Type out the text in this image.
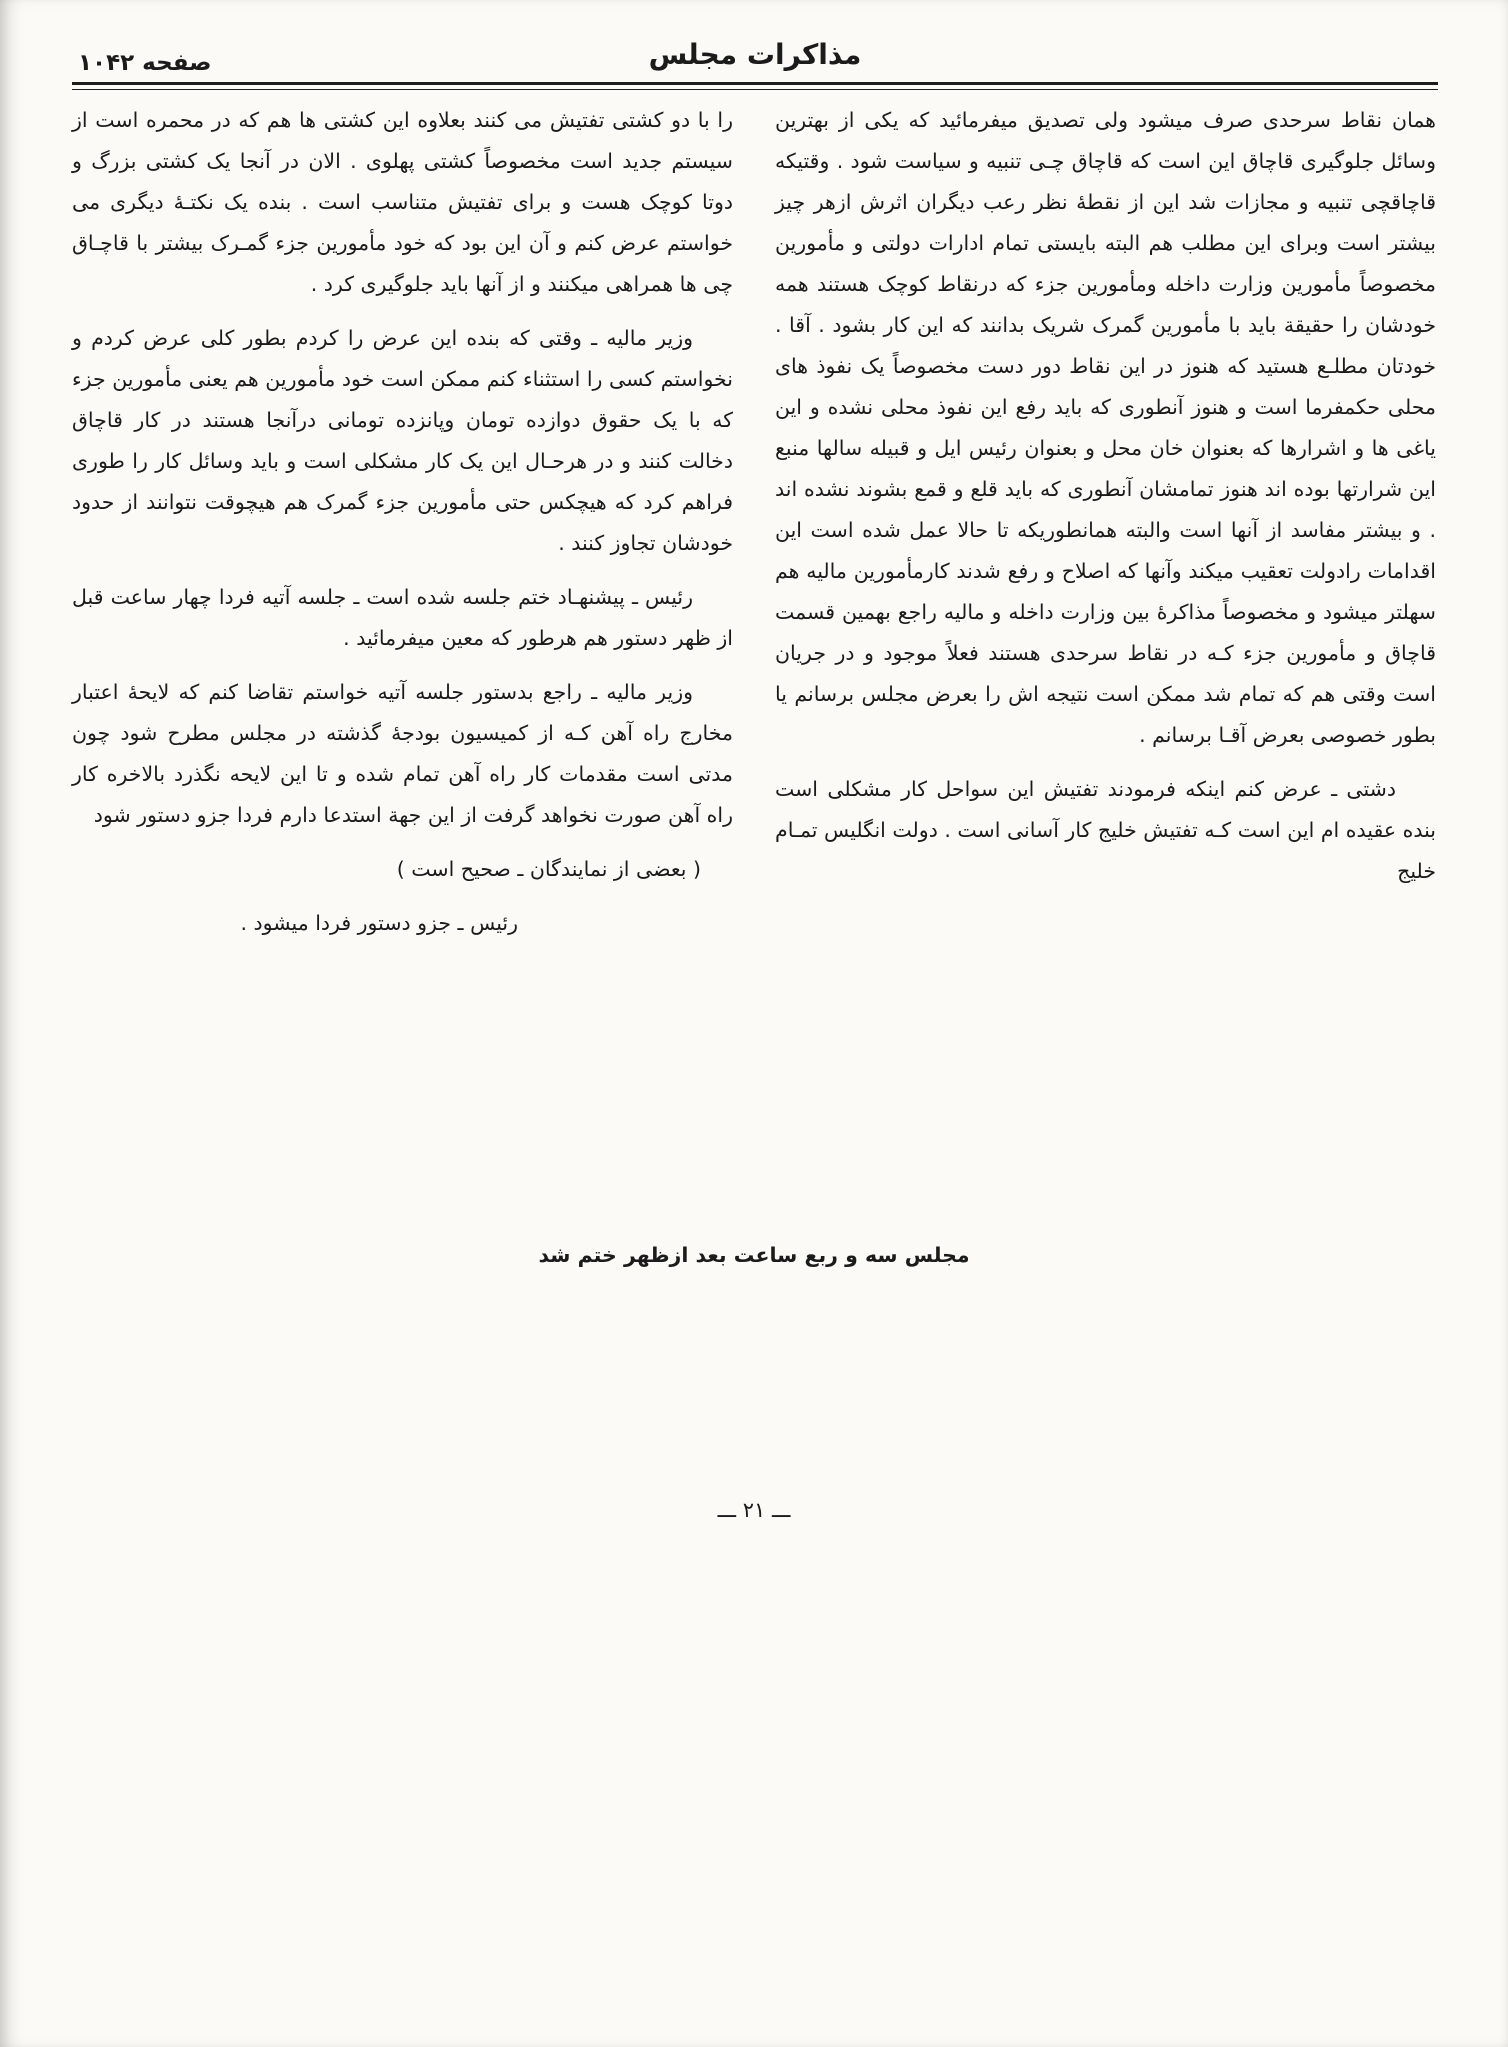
صفحه ۱۰۴۲	مذاکرات مجلس

همان نقاط سرحدی صرف میشود ولی تصدیق میفرمائید که یکی از بهترین وسائل جلوگیری قاچاق این است که قاچاق چـی تنبیه و سیاست شود . وقتیکه قاچاقچی تنبیه و مجازات شد این از نقطهٔ نظر رعب دیگران اثرش ازهر چیز بیشتر است وبرای این مطلب هم البته بایستی تمام ادارات دولتی و مأمورین مخصوصاً مأمورین وزارت داخله ومأمورین جزء که درنقاط کوچک هستند همه خودشان را حقیقة باید با مأمورین گمرک شریک بدانند که این کار بشود . آقا . خودتان مطلـع هستید که هنوز در این نقاط دور دست مخصوصاً یک نفوذ های محلی حکمفرما است و هنوز آنطوری که باید رفع این نفوذ محلی نشده و این یاغی ها و اشرارها که بعنوان خان محل و بعنوان رئیس ایل و قبیله سالها منبع این شرارتها بوده اند هنوز تمامشان آنطوری که باید قلع و قمع بشوند نشده اند . و بیشتر مفاسد از آنها است والبته همانطوریکه تا حالا عمل شده است این اقدامات رادولت تعقیب میکند وآنها که اصلاح و رفع شدند کارمأمورین مالیه هم سهلتر میشود و مخصوصاً مذاکرهٔ بین وزارت داخله و مالیه راجع بهمین قسمت قاچاق و مأمورین جزء کـه در نقاط سرحدی هستند فعلاً موجود و در جریان است وقتی هم که تمام شد ممکن است نتیجه اش را بعرض مجلس برسانم یا بطور خصوصی بعرض آقـا برسانم .

دشتی ـ عرض کنم اینکه فرمودند تفتیش این سواحل کار مشکلی است بنده عقیده ام این است کـه تفتیش خلیج کار آسانی است . دولت انگلیس تمـام خلیج

را با دو کشتی تفتیش می کنند بعلاوه این کشتی ها هم که در محمره است از سیستم جدید است مخصوصاً کشتی پهلوی . الان در آنجا یک کشتی بزرگ و دوتا کوچک هست و برای تفتیش متناسب است . بنده یک نکتـهٔ دیگری می خواستم عرض کنم و آن این بود که خود مأمورین جزء گمـرک بیشتر با قاچـاق چی ها همراهی میکنند و از آنها باید جلوگیری کرد .

وزیر مالیه ـ وقتی که بنده این عرض را کردم بطور کلی عرض کردم و نخواستم کسی را استثناء کنم ممکن است خود مأمورین هم یعنی مأمورین جزء که با یک حقوق دوازده تومان وپانزده تومانی درآنجا هستند در کار قاچاق دخالت کنند و در هرحـال این یک کار مشکلی است و باید وسائل کار را طوری فراهم کرد که هیچکس حتی مأمورین جزء گمرک هم هیچوقت نتوانند از حدود خودشان تجاوز کنند .

رئیس ـ پیشنهـاد ختم جلسه شده است ـ جلسه آتیه فردا چهار ساعت قبل از ظهر دستور هم هرطور که معین میفرمائید .

وزیر مالیه ـ راجع بدستور جلسه آتیه خواستم تقاضا کنم که لایحهٔ اعتبار مخارج راه آهن کـه از کمیسیون بودجهٔ گذشته در مجلس مطرح شود چون مدتی است مقدمات کار راه آهن تمام شده و تا این لایحه نگذرد بالاخره کار راه آهن صورت نخواهد گرفت از این جهة استدعا دارم فردا جزو دستور شود

( بعضی از نمایندگان ـ صحیح است )

رئیس ـ جزو دستور فردا میشود .

مجلس سه و ربع ساعت بعد ازظهر ختم شد
ـــ ۲۱ ـــ
